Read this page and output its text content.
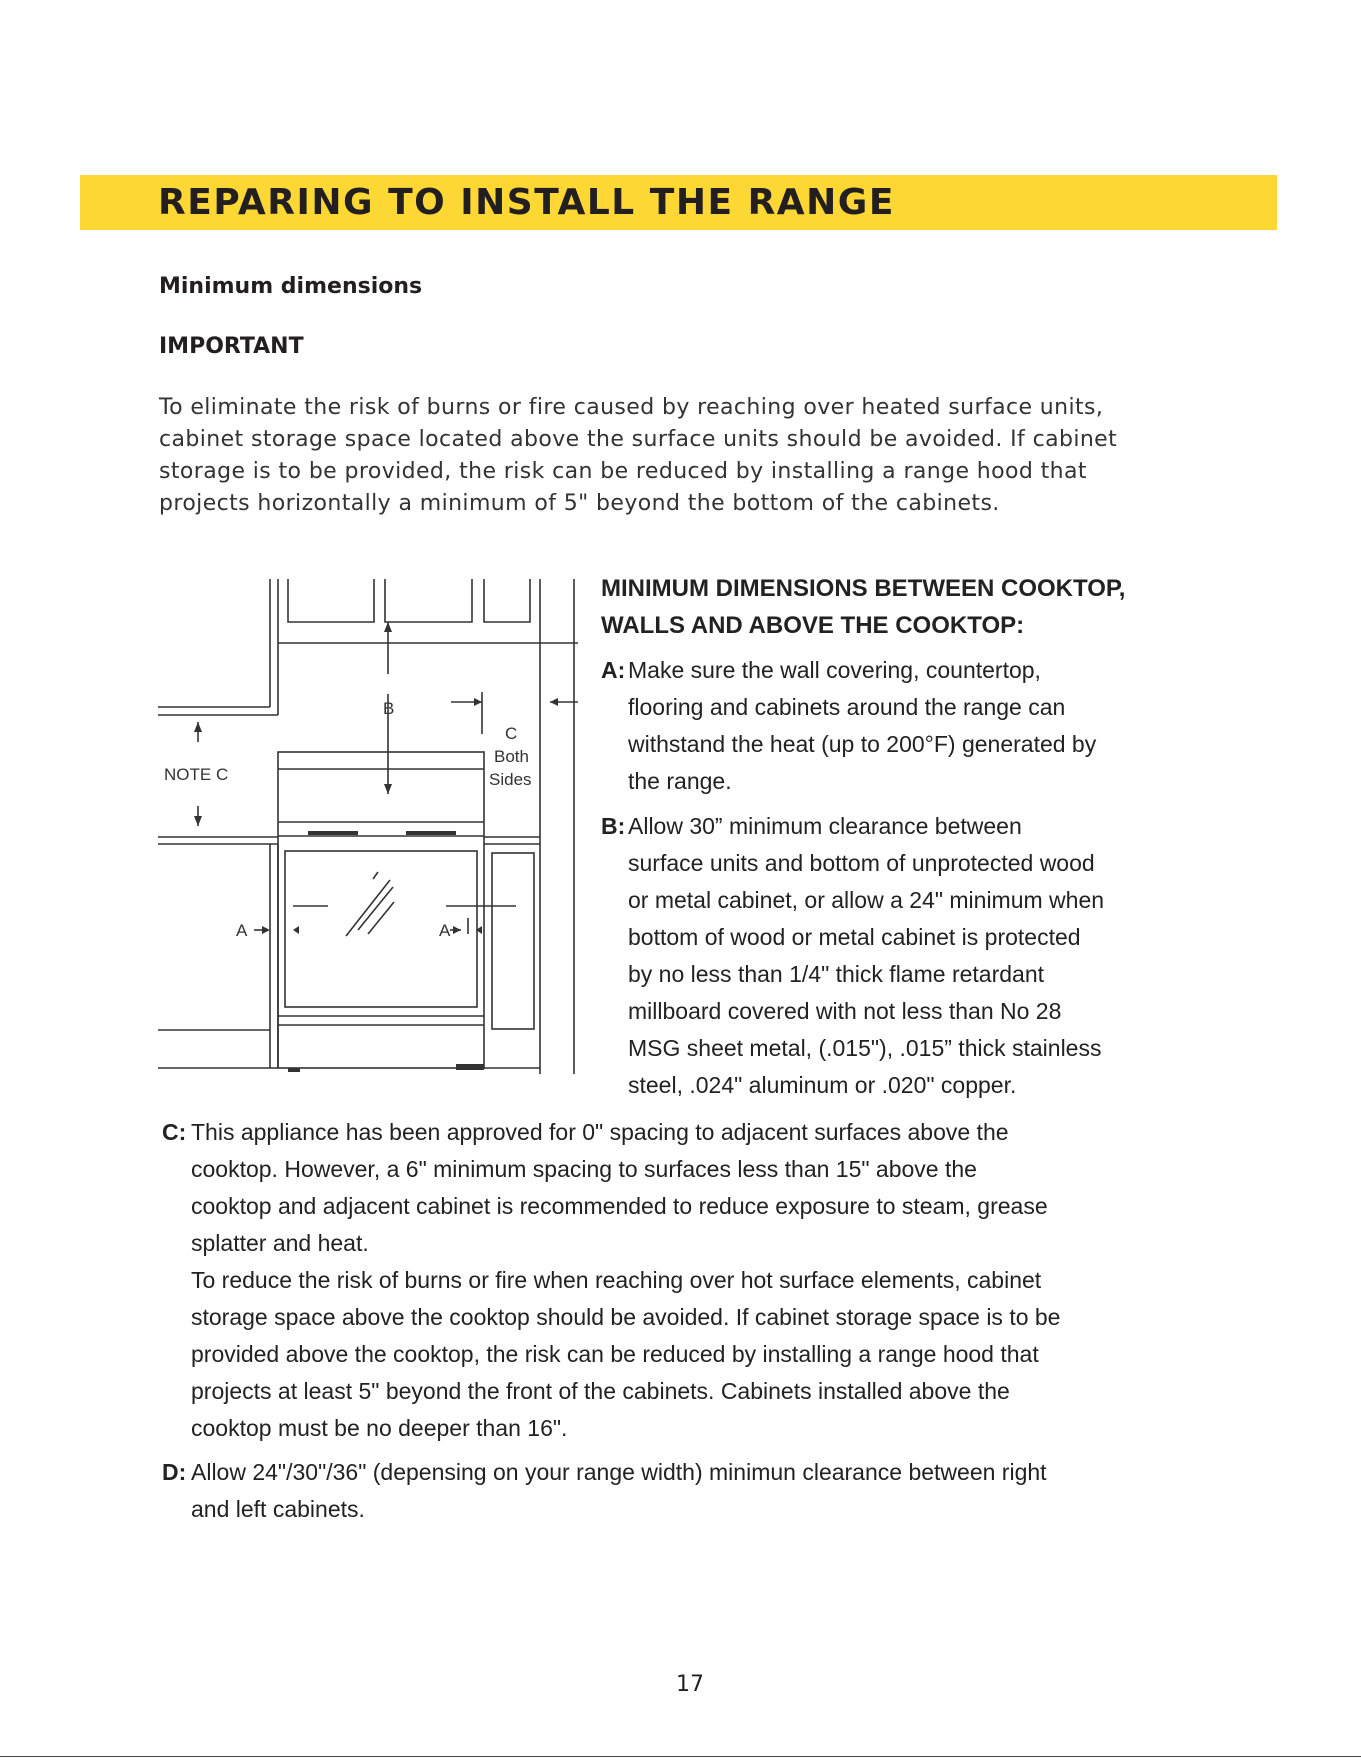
REPARING TO INSTALL THE RANGE
Minimum dimensions
IMPORTANT

To eliminate the risk of burns or fire caused by reaching over heated surface units,
cabinet storage space located above the surface units should be avoided. If cabinet
storage is to be provided, the risk can be reduced by installing a range hood that
projects horizontally a minimum of 5" beyond the bottom of the cabinets.

B
C
Both
Sides
NOTE C
A	A
MINIMUM DIMENSIONS BETWEEN COOKTOP,
WALLS AND ABOVE THE COOKTOP:
A: Make sure the wall covering, countertop,
flooring and cabinets around the range can
withstand the heat (up to 200°F) generated by
the range.
B: Allow 30” minimum clearance between
surface units and bottom of unprotected wood
or metal cabinet, or allow a 24" minimum when
bottom of wood or metal cabinet is protected
by no less than 1/4" thick flame retardant
millboard covered with not less than No 28
MSG sheet metal, (.015"), .015” thick stainless
steel, .024" aluminum or .020" copper.
C: This appliance has been approved for 0" spacing to adjacent surfaces above the
cooktop. However, a 6" minimum spacing to surfaces less than 15" above the
cooktop and adjacent cabinet is recommended to reduce exposure to steam, grease
splatter and heat.
To reduce the risk of burns or fire when reaching over hot surface elements, cabinet
storage space above the cooktop should be avoided. If cabinet storage space is to be
provided above the cooktop, the risk can be reduced by installing a range hood that
projects at least 5" beyond the front of the cabinets. Cabinets installed above the
cooktop must be no deeper than 16".
D: Allow 24"/30"/36" (depensing on your range width) minimun clearance between right
and left cabinets.
17
